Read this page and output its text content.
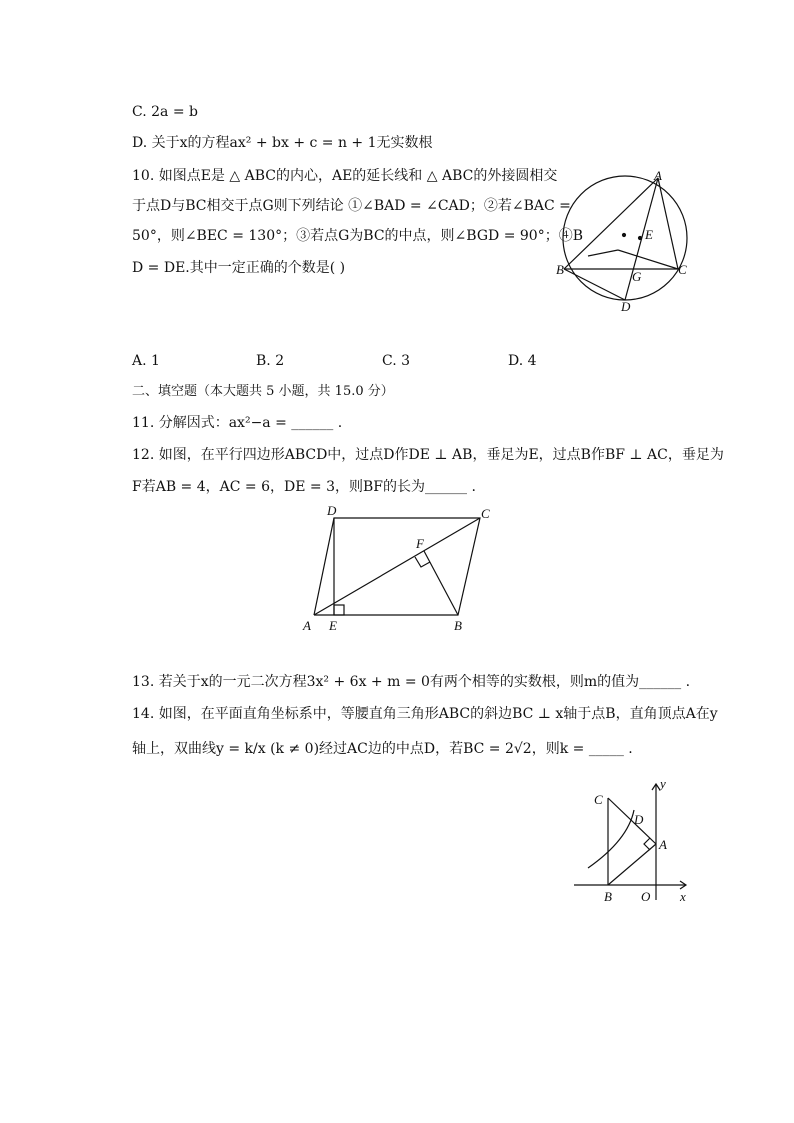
C. 2a = b
D. 关于x的方程ax² + bx + c = n + 1无实数根
10. 如图点E是 △ ABC的内心，AE的延长线和 △ ABC的外接圆相交
于点D与BC相交于点G则下列结论 ①∠BAD = ∠CAD；②若∠BAC =
50°，则∠BEC = 130°；③若点G为BC的中点，则∠BGD = 90°；④B
D = DE.其中一定正确的个数是( )
A
B	C
D
E
G
A. 1	B. 2	C. 3	D. 4
二、填空题（本大题共 5 小题，共 15.0 分）
11. 分解因式：ax²−a = ______ .
12. 如图，在平行四边形ABCD中，过点D作DE ⊥ AB，垂足为E，过点B作BF ⊥ AC，垂足为
F若AB = 4，AC = 6，DE = 3，则BF的长为______ .
A E	B
D	C
F
13. 若关于x的一元二次方程3x² + 6x + m = 0有两个相等的实数根，则m的值为______ .
14. 如图，在平面直角坐标系中，等腰直角三角形ABC的斜边BC ⊥ x轴于点B，直角顶点A在y
轴上，双曲线y = k/x (k ≠ 0)经过AC边的中点D，若BC = 2√2，则k = _____ .
C
D
A
B O x
y
